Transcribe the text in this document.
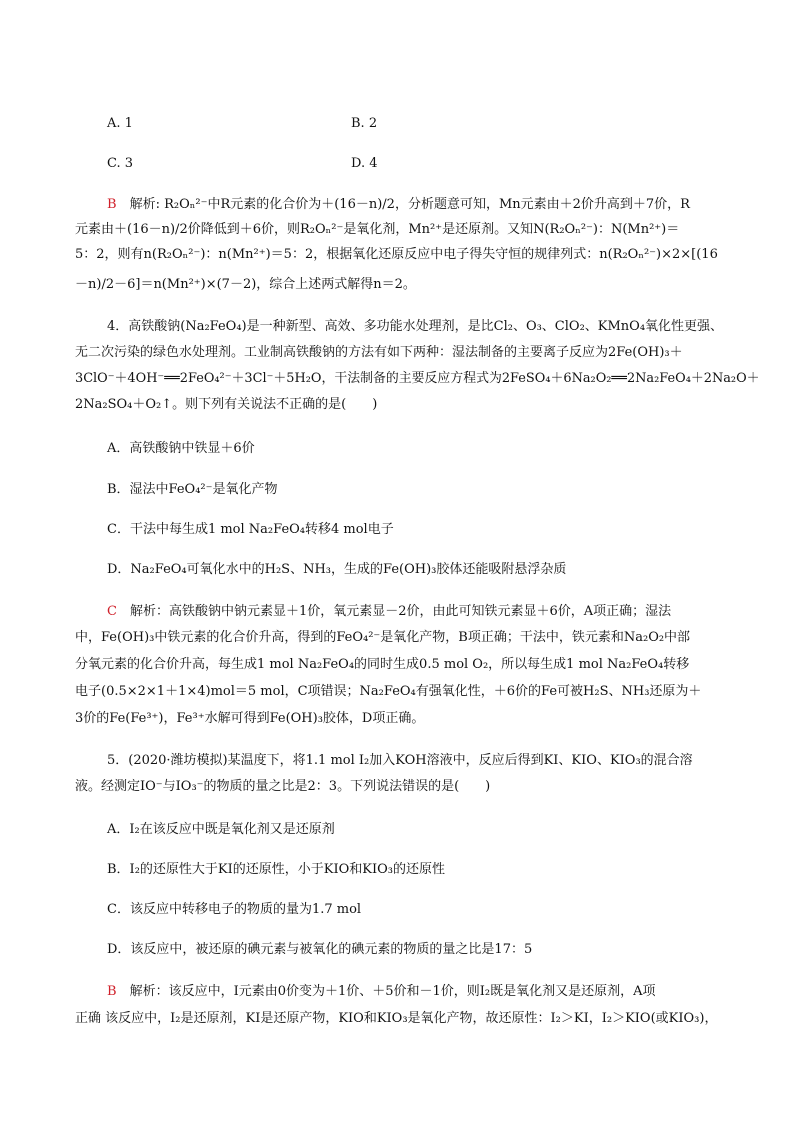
A. 1	B. 2
C. 3	D. 4
B　 解析: R₂Oₙ²⁻中R元素的化合价为＋(16－n)/2，分析题意可知，Mn元素由＋2价升高到＋7价，R
元素由＋(16－n)/2价降低到＋6价，则R₂Oₙ²⁻是氧化剂，Mn²⁺是还原剂。又知N(R₂Oₙ²⁻)：N(Mn²⁺)＝
5：2，则有n(R₂Oₙ²⁻)：n(Mn²⁺)＝5：2，根据氧化还原反应中电子得失守恒的规律列式：n(R₂Oₙ²⁻)×2×[(16
－n)/2－6]＝n(Mn²⁺)×(7－2)，综合上述两式解得n＝2。
4．高铁酸钠(Na₂FeO₄)是一种新型、高效、多功能水处理剂，是比Cl₂、O₃、ClO₂、KMnO₄氧化性更强、
无二次污染的绿色水处理剂。工业制高铁酸钠的方法有如下两种：湿法制备的主要离子反应为2Fe(OH)₃＋
3ClO⁻＋4OH⁻══2FeO₄²⁻＋3Cl⁻＋5H₂O，干法制备的主要反应方程式为2FeSO₄＋6Na₂O₂══2Na₂FeO₄＋2Na₂O＋
2Na₂SO₄＋O₂↑。则下列有关说法不正确的是(　　)
A．高铁酸钠中铁显＋6价
B．湿法中FeO₄²⁻是氧化产物
C．干法中每生成1 mol Na₂FeO₄转移4 mol电子
D．Na₂FeO₄可氧化水中的H₂S、NH₃，生成的Fe(OH)₃胶体还能吸附悬浮杂质
C　 解析：高铁酸钠中钠元素显＋1价，氧元素显－2价，由此可知铁元素显＋6价，A项正确；湿法
中，Fe(OH)₃中铁元素的化合价升高，得到的FeO₄²⁻是氧化产物，B项正确；干法中，铁元素和Na₂O₂中部
分氧元素的化合价升高，每生成1 mol Na₂FeO₄的同时生成0.5 mol O₂，所以每生成1 mol Na₂FeO₄转移
电子(0.5×2×1＋1×4)mol＝5 mol，C项错误；Na₂FeO₄有强氧化性，＋6价的Fe可被H₂S、NH₃还原为＋
3价的Fe(Fe³⁺)，Fe³⁺水解可得到Fe(OH)₃胶体，D项正确。
5．(2020·潍坊模拟)某温度下，将1.1 mol I₂加入KOH溶液中，反应后得到KI、KIO、KIO₃的混合溶
液。经测定IO⁻与IO₃⁻的物质的量之比是2：3。下列说法错误的是(　　)
A．I₂在该反应中既是氧化剂又是还原剂
B．I₂的还原性大于KI的还原性，小于KIO和KIO₃的还原性
C．该反应中转移电子的物质的量为1.7 mol
D．该反应中，被还原的碘元素与被氧化的碘元素的物质的量之比是17：5
B　 解析：该反应中，I元素由0价变为＋1价、＋5价和－1价，则I₂既是氧化剂又是还原剂，A项
正确 该反应中，I₂是还原剂，KI是还原产物，KIO和KIO₃是氧化产物，故还原性：I₂＞KI，I₂＞KIO(或KIO₃)，
